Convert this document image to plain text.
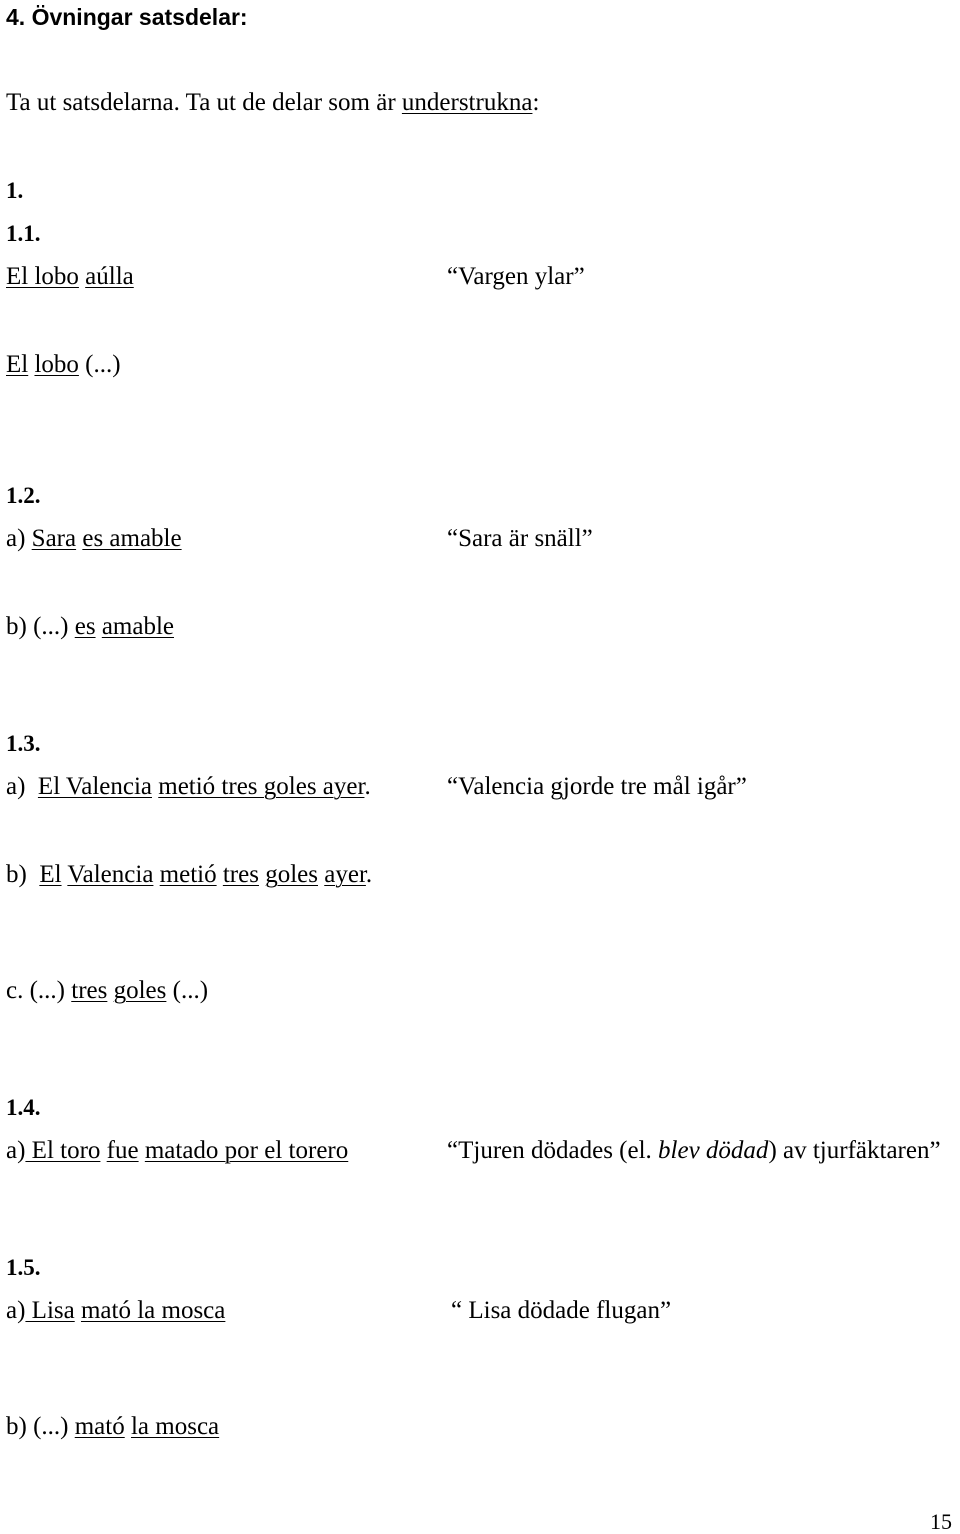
4. Övningar satsdelar:
Ta ut satsdelarna. Ta ut de delar som är understrukna:
1.
1.1.
El lobo aúlla	“Vargen ylar”
El lobo (...)
1.2.
a) Sara es amable	“Sara är snäll”
b) (...) es amable
1.3.
a)  El Valencia metió tres goles ayer.	“Valencia gjorde tre mål igår”
b)  El Valencia metió tres goles ayer.
c. (...) tres goles (...)
1.4.
a) El toro fue matado por el torero	“Tjuren dödades (el. blev dödad) av tjurfäktaren”
1.5.
a) Lisa mató la mosca	“ Lisa dödade flugan”
b) (...) mató la mosca
15
